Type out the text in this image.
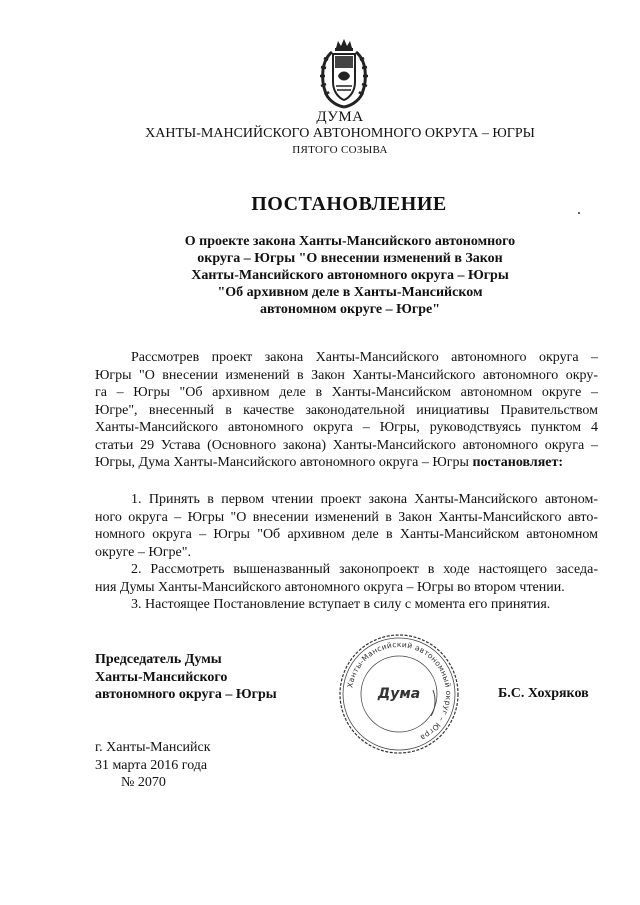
ДУМА
ХАНТЫ-МАНСИЙСКОГО АВТОНОМНОГО ОКРУГА – ЮГРЫ
ПЯТОГО СОЗЫВА
ПОСТАНОВЛЕНИЕ
О проекте закона Ханты-Мансийского автономного
округа – Югры "О внесении изменений в Закон
Ханты-Мансийского автономного округа – Югры
"Об архивном деле в Ханты-Мансийском
автономном округе – Югре"
Рассмотрев проект закона Ханты-Мансийского автономного округа –
Югры "О внесении изменений в Закон Ханты-Мансийского автономного окру-
га – Югры "Об архивном деле в Ханты-Мансийском автономном округе –
Югре", внесенный в качестве законодательной инициативы Правительством
Ханты-Мансийского автономного округа – Югры, руководствуясь пунктом 4
статьи 29 Устава (Основного закона) Ханты-Мансийского автономного округа –
Югры, Дума Ханты-Мансийского автономного округа – Югры постановляет:
1. Принять в первом чтении проект закона Ханты-Мансийского автоном-
ного округа – Югры "О внесении изменений в Закон Ханты-Мансийского авто-
номного округа – Югры "Об архивном деле в Ханты-Мансийском автономном
округе – Югре".
2. Рассмотреть вышеназванный законопроект в ходе настоящего заседа-
ния Думы Ханты-Мансийского автономного округа – Югры во втором чтении.
3. Настоящее Постановление вступает в силу с момента его принятия.
Председатель Думы
Ханты-Мансийского
автономного округа – Югры
Ханты-Мансийский автономный округ – Югра
Дума	Б.С. Хохряков
г. Ханты-Мансийск
31 марта 2016 года
№ 2070
